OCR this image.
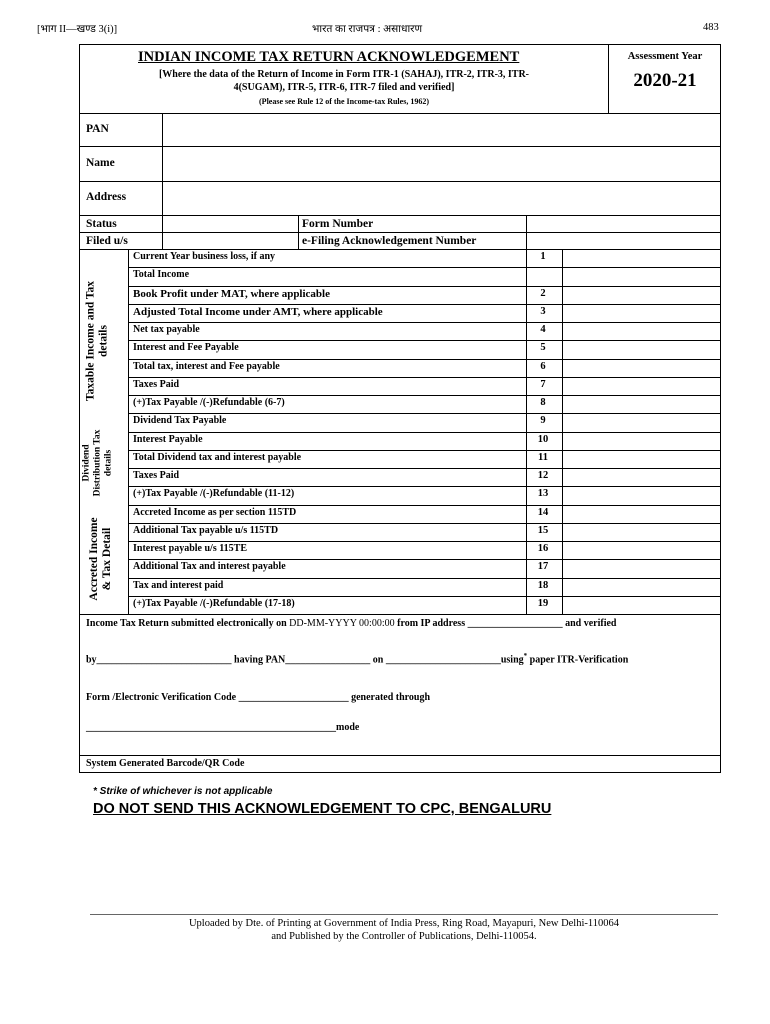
[भाग II—खण्ड 3(i)]	भारत का राजपत्र : असाधारण	483
INDIAN INCOME TAX RETURN ACKNOWLEDGEMENT
[Where the data of the Return of Income in Form ITR-1 (SAHAJ), ITR-2, ITR-3, ITR-
4(SUGAM), ITR-5, ITR-6, ITR-7 filed and verified]
(Please see Rule 12 of the Income-tax Rules, 1962)
Assessment Year
2020-21
PAN
Name
Address
Status	Form Number
Filed u/s	e-Filing Acknowledgement Number
Taxable Income and Tax details
Dividend Distribution Tax details
Accreted Income & Tax Detail
Income Tax Return submitted electronically on DD-MM-YYYY 00:00:00 from IP address ___________________ and verified
by___________________________ having PAN_________________ on _______________________using* paper ITR-Verification
Form /Electronic Verification Code ______________________ generated through
__________________________________________________mode
System Generated Barcode/QR Code
Current Year business loss, if any	1
Total Income
Book Profit under MAT, where applicable	2
Adjusted Total Income under AMT, where applicable	3
Net tax payable	4
Interest and Fee Payable	5
Total tax, interest and Fee payable	6
Taxes Paid	7
(+)Tax Payable /(-)Refundable (6-7)	8
Dividend Tax Payable	9
Interest Payable	10
Total Dividend tax and interest payable	11
Taxes Paid	12
(+)Tax Payable /(-)Refundable (11-12)	13
Accreted Income as per section 115TD	14
Additional Tax payable u/s 115TD	15
Interest payable u/s 115TE	16
Additional Tax and interest payable	17
Tax and interest paid	18
(+)Tax Payable /(-)Refundable (17-18)	19
* Strike of whichever is not applicable
DO NOT SEND THIS ACKNOWLEDGEMENT TO CPC, BENGALURU
Uploaded by Dte. of Printing at Government of India Press, Ring Road, Mayapuri, New Delhi-110064
and Published by the Controller of Publications, Delhi-110054.
